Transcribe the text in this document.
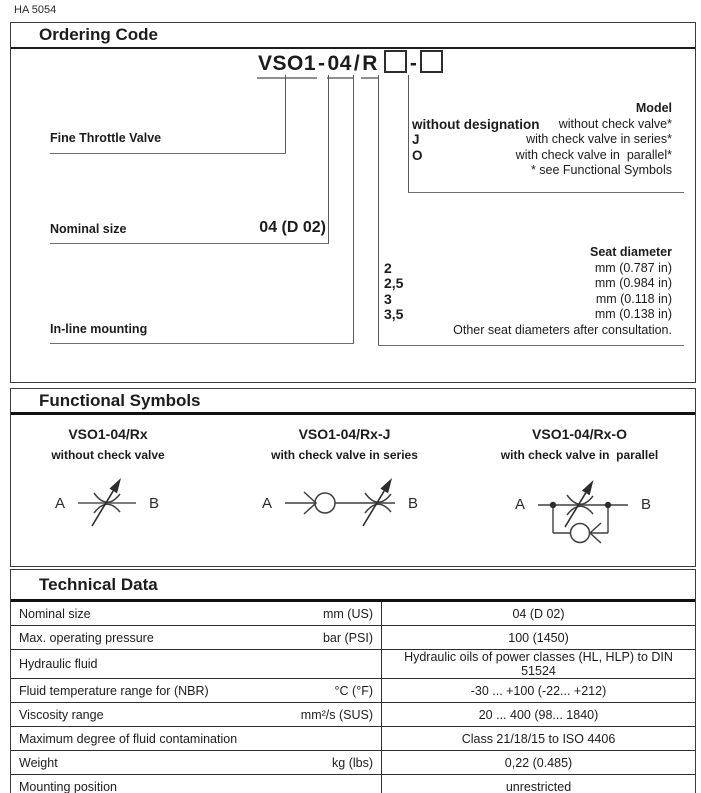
HA 5054
Ordering Code
VSO1-04/R -
Fine Throttle Valve
Nominal size	04 (D 02)
In-line mounting
Model
without designation without check valve*
J	with check valve in series*
O	with check valve in  parallel*
* see Functional Symbols
Seat diameter
2	mm (0.787 in)
2,5	mm (0.984 in)
3	mm (0.118 in)
3,5	mm (0.138 in)
Other seat diameters after consultation.
Functional Symbols
VSO1-04/Rx	VSO1-04/Rx-J	VSO1-04/Rx-O
without check valve	with check valve in series	with check valve in  parallel
A	B	A	B	A	B
Technical Data
Nominal size	mm (US)	04 (D 02)
Max. operating pressure	bar (PSI)	100 (1450)
Hydraulic fluid		Hydraulic oils of power classes (HL, HLP) to DIN 51524
Fluid temperature range for (NBR)	°C (°F)	-30 ... +100 (-22... +212)
Viscosity range	mm²/s (SUS)	20 ... 400 (98... 1840)
Maximum degree of fluid contamination		Class 21/18/15 to ISO 4406
Weight	kg (lbs)	0,22 (0.485)
Mounting position		unrestricted
